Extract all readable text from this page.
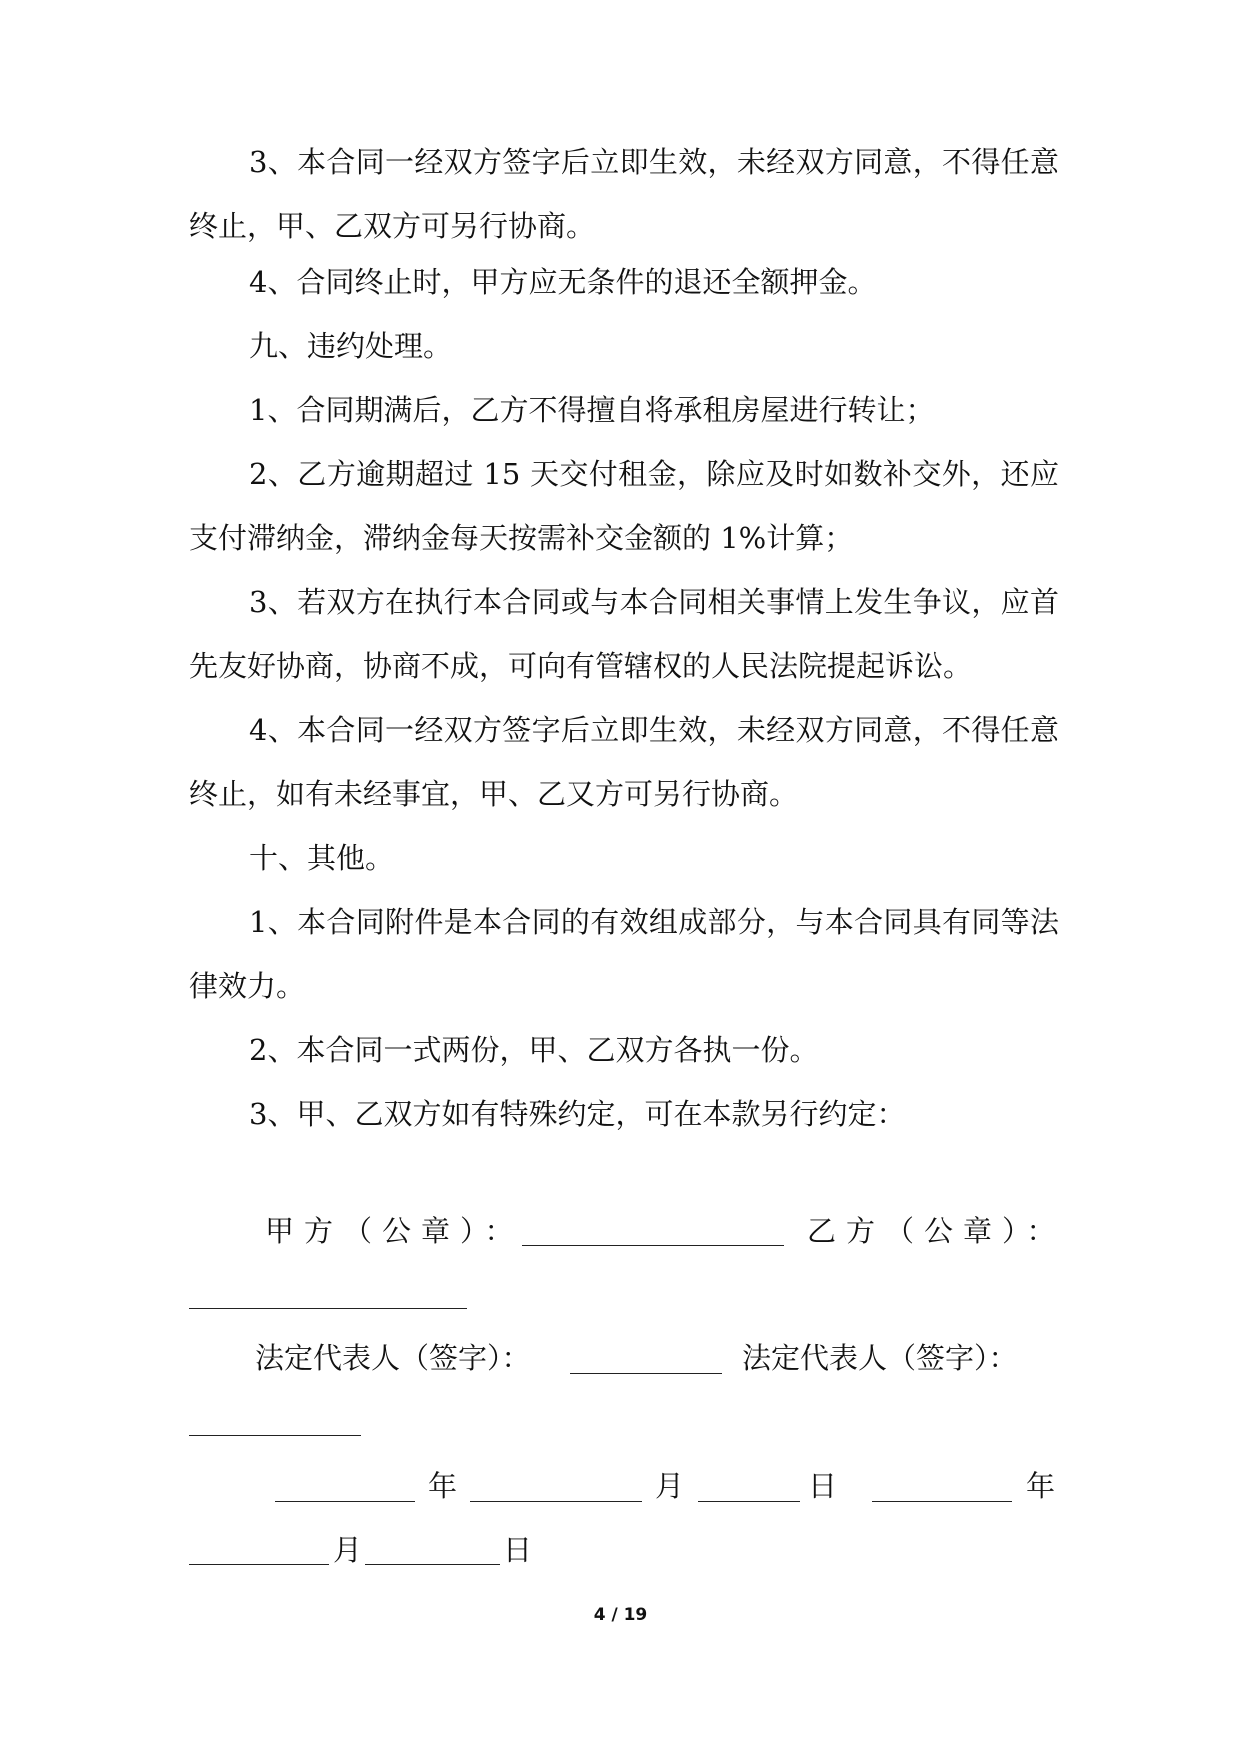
3、本合同一经双方签字后立即生效，未经双方同意，不得任意终止，甲、乙双方可另行协商。

4、合同终止时，甲方应无条件的退还全额押金。

九、违约处理。

1、合同期满后，乙方不得擅自将承租房屋进行转让；

2、乙方逾期超过 15 天交付租金，除应及时如数补交外，还应支付滞纳金，滞纳金每天按需补交金额的 1%计算；

3、若双方在执行本合同或与本合同相关事情上发生争议，应首先友好协商，协商不成，可向有管辖权的人民法院提起诉讼。

4、本合同一经双方签字后立即生效，未经双方同意，不得任意终止，如有未经事宜，甲、乙又方可另行协商。

十、其他。

1、本合同附件是本合同的有效组成部分，与本合同具有同等法律效力。

2、本合同一式两份，甲、乙双方各执一份。

3、甲、乙双方如有特殊约定，可在本款另行约定：

甲方（公章）：	乙方（公章）：
法定代表人（签字）：	法定代表人（签字）：
年	月	日	年
月	日
4 / 19
